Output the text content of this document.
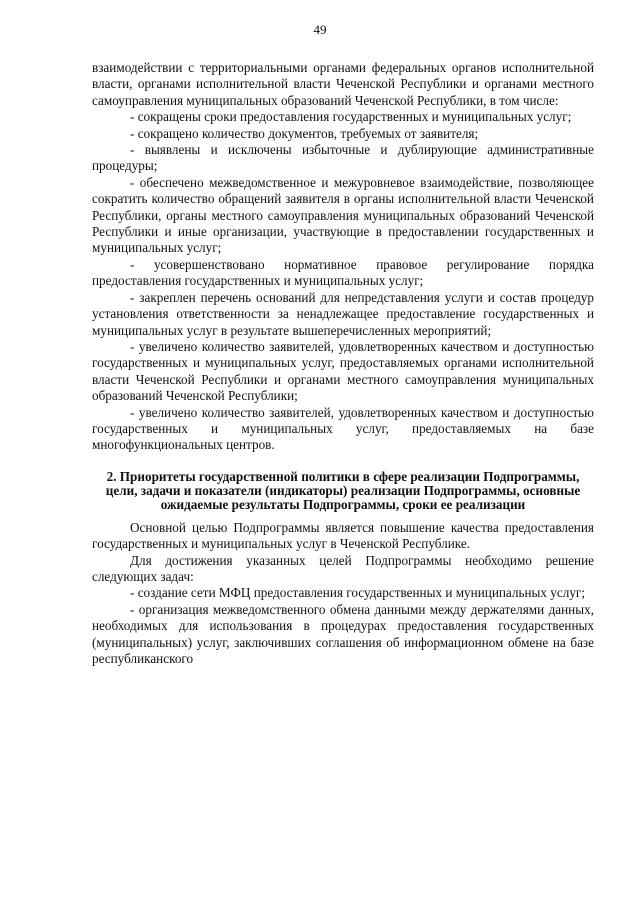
49

взаимодействии с территориальными органами федеральных органов исполнительной власти, органами исполнительной власти Чеченской Республики и органами местного самоуправления муниципальных образований Чеченской Республики, в том числе:

- сокращены сроки предоставления государственных и муниципальных услуг;

- сокращено количество документов, требуемых от заявителя;

- выявлены и исключены избыточные и дублирующие административные процедуры;

- обеспечено межведомственное и межуровневое взаимодействие, позволяющее сократить количество обращений заявителя в органы исполнительной власти Чеченской Республики, органы местного самоуправления муниципальных образований Чеченской Республики и иные организации, участвующие в предоставлении государственных и муниципальных услуг;

- усовершенствовано нормативное правовое регулирование порядка предоставления государственных и муниципальных услуг;

- закреплен перечень оснований для непредставления услуги и состав процедур установления ответственности за ненадлежащее предоставление государственных и муниципальных услуг в результате вышеперечисленных мероприятий;

- увеличено количество заявителей, удовлетворенных качеством и доступностью государственных и муниципальных услуг, предоставляемых органами исполнительной власти Чеченской Республики и органами местного самоуправления муниципальных образований Чеченской Республики;

- увеличено количество заявителей, удовлетворенных качеством и доступностью государственных и муниципальных услуг, предоставляемых на базе многофункциональных центров.

2. Приоритеты государственной политики в сфере реализации Подпрограммы, цели, задачи и показатели (индикаторы) реализации Подпрограммы, основные ожидаемые результаты Подпрограммы, сроки ее реализации

Основной целью Подпрограммы является повышение качества предоставления государственных и муниципальных услуг в Чеченской Республике.

Для достижения указанных целей Подпрограммы необходимо решение следующих задач:

- создание сети МФЦ предоставления государственных и муниципальных услуг;

- организация межведомственного обмена данными между держателями данных, необходимых для использования в процедурах предоставления государственных (муниципальных) услуг, заключивших соглашения об информационном обмене на базе республиканского
